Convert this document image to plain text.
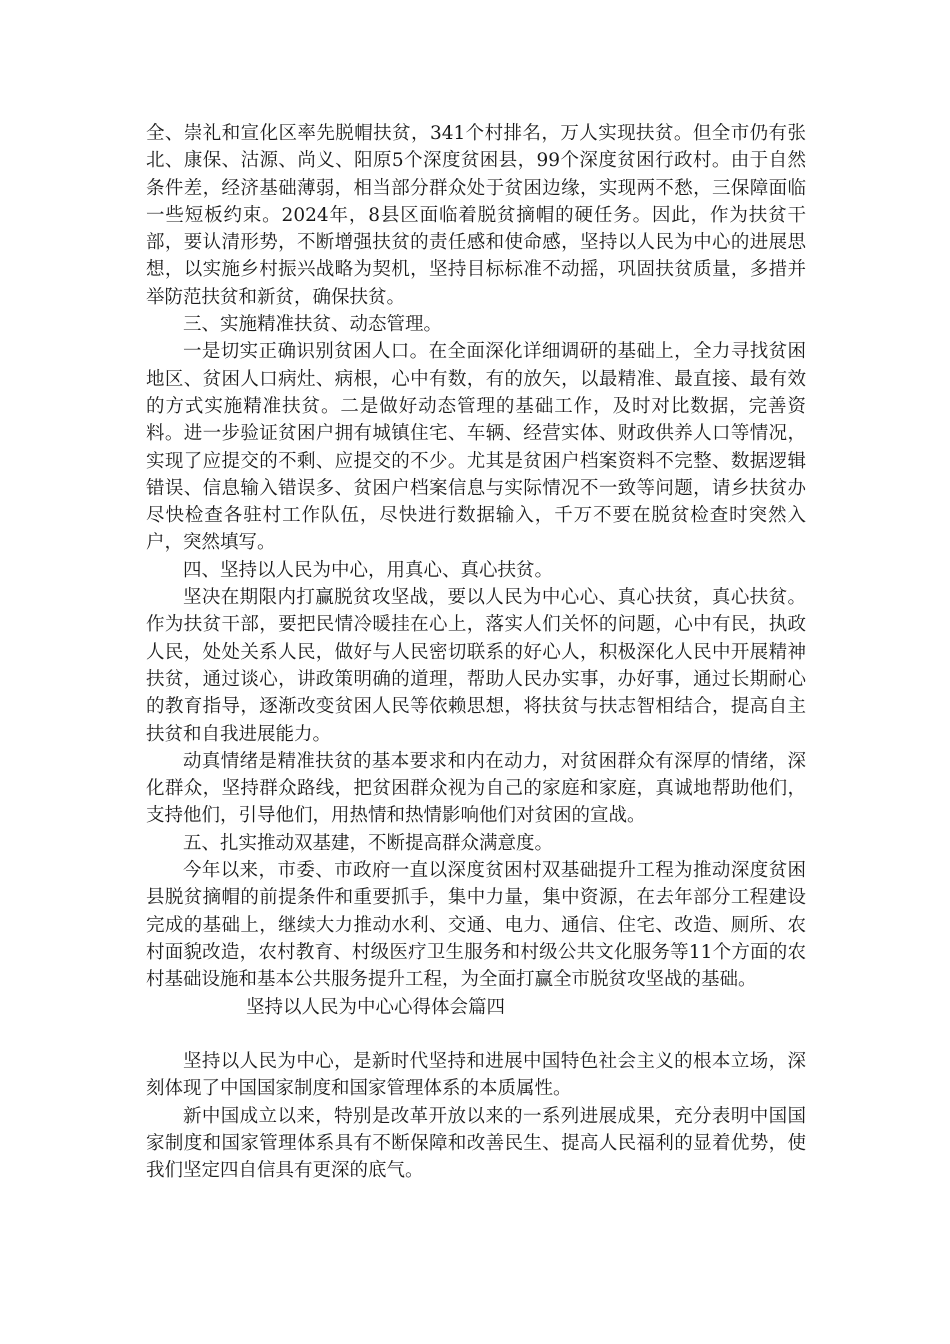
全、崇礼和宣化区率先脱帽扶贫，341个村排名，万人实现扶贫。但全市仍有张北、康保、沽源、尚义、阳原5个深度贫困县，99个深度贫困行政村。由于自然条件差，经济基础薄弱，相当部分群众处于贫困边缘，实现两不愁，三保障面临一些短板约束。2024年，8县区面临着脱贫摘帽的硬任务。因此，作为扶贫干部，要认清形势，不断增强扶贫的责任感和使命感，坚持以人民为中心的进展思想，以实施乡村振兴战略为契机，坚持目标标准不动摇，巩固扶贫质量，多措并举防范扶贫和新贫，确保扶贫。

三、实施精准扶贫、动态管理。

一是切实正确识别贫困人口。在全面深化详细调研的基础上，全力寻找贫困地区、贫困人口病灶、病根，心中有数，有的放矢，以最精准、最直接、最有效的方式实施精准扶贫。二是做好动态管理的基础工作，及时对比数据，完善资料。进一步验证贫困户拥有城镇住宅、车辆、经营实体、财政供养人口等情况，实现了应提交的不剩、应提交的不少。尤其是贫困户档案资料不完整、数据逻辑错误、信息输入错误多、贫困户档案信息与实际情况不一致等问题，请乡扶贫办尽快检查各驻村工作队伍，尽快进行数据输入，千万不要在脱贫检查时突然入户，突然填写。

四、坚持以人民为中心，用真心、真心扶贫。

坚决在期限内打赢脱贫攻坚战，要以人民为中心心、真心扶贫，真心扶贫。作为扶贫干部，要把民情冷暖挂在心上，落实人们关怀的问题，心中有民，执政人民，处处关系人民，做好与人民密切联系的好心人，积极深化人民中开展精神扶贫，通过谈心，讲政策明确的道理，帮助人民办实事，办好事，通过长期耐心的教育指导，逐渐改变贫困人民等依赖思想，将扶贫与扶志智相结合，提高自主扶贫和自我进展能力。

动真情绪是精准扶贫的基本要求和内在动力，对贫困群众有深厚的情绪，深化群众，坚持群众路线，把贫困群众视为自己的家庭和家庭，真诚地帮助他们，支持他们，引导他们，用热情和热情影响他们对贫困的宣战。

五、扎实推动双基建，不断提高群众满意度。

今年以来，市委、市政府一直以深度贫困村双基础提升工程为推动深度贫困县脱贫摘帽的前提条件和重要抓手，集中力量，集中资源，在去年部分工程建设完成的基础上，继续大力推动水利、交通、电力、通信、住宅、改造、厕所、农村面貌改造，农村教育、村级医疗卫生服务和村级公共文化服务等11个方面的农村基础设施和基本公共服务提升工程，为全面打赢全市脱贫攻坚战的基础。

坚持以人民为中心心得体会篇四

坚持以人民为中心，是新时代坚持和进展中国特色社会主义的根本立场，深刻体现了中国国家制度和国家管理体系的本质属性。

新中国成立以来，特别是改革开放以来的一系列进展成果，充分表明中国国家制度和国家管理体系具有不断保障和改善民生、提高人民福利的显着优势，使我们坚定四自信具有更深的底气。
